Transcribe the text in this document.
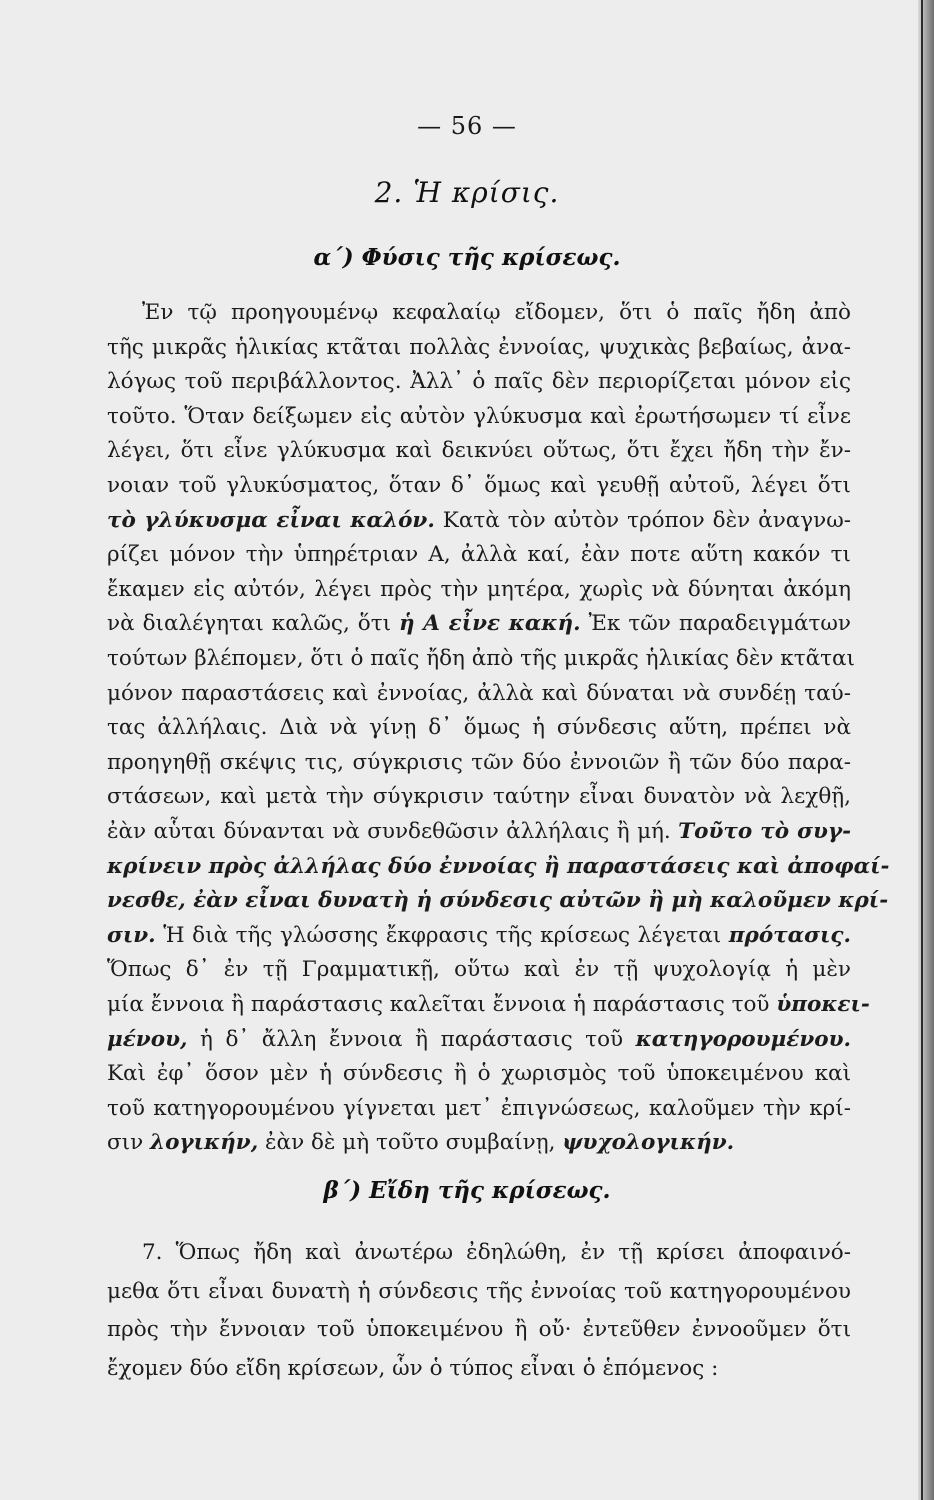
— 56 —
2. Ἡ κρίσις.
α΄) Φύσις τῆς κρίσεως.
Ἐν τῷ προηγουμένῳ κεφαλαίῳ εἴδομεν, ὅτι ὁ παῖς ἤδη ἀπὸ
τῆς μικρᾶς ἡλικίας κτᾶται πολλὰς ἐννοίας, ψυχικὰς βεβαίως, ἀνα-
λόγως τοῦ περιβάλλοντος. Ἀλλ᾿ ὁ παῖς δὲν περιορίζεται μόνον εἰς
τοῦτο. Ὅταν δείξωμεν εἰς αὐτὸν γλύκυσμα καὶ ἐρωτήσωμεν τί εἶνε
λέγει, ὅτι εἶνε γλύκυσμα καὶ δεικνύει οὕτως, ὅτι ἔχει ἤδη τὴν ἔν-
νοιαν τοῦ γλυκύσματος, ὅταν δ᾿ ὅμως καὶ γευθῇ αὐτοῦ, λέγει ὅτι
τὸ γλύκυσμα εἶναι καλόν. Κατὰ τὸν αὐτὸν τρόπον δὲν ἀναγνω-
ρίζει μόνον τὴν ὑπηρέτριαν Α, ἀλλὰ καί, ἐὰν ποτε αὕτη κακόν τι
ἔκαμεν εἰς αὐτόν, λέγει πρὸς τὴν μητέρα, χωρὶς νὰ δύνηται ἀκόμη
νὰ διαλέγηται καλῶς, ὅτι ἡ Α εἶνε κακή. Ἐκ τῶν παραδειγμάτων
τούτων βλέπομεν, ὅτι ὁ παῖς ἤδη ἀπὸ τῆς μικρᾶς ἡλικίας δὲν κτᾶται
μόνον παραστάσεις καὶ ἐννοίας, ἀλλὰ καὶ δύναται νὰ συνδέῃ ταύ-
τας ἀλλήλαις. Διὰ νὰ γίνῃ δ᾿ ὅμως ἡ σύνδεσις αὕτη, πρέπει νὰ
προηγηθῇ σκέψις τις, σύγκρισις τῶν δύο ἐννοιῶν ἢ τῶν δύο παρα-
στάσεων, καὶ μετὰ τὴν σύγκρισιν ταύτην εἶναι δυνατὸν νὰ λεχθῇ,
ἐὰν αὗται δύνανται νὰ συνδεθῶσιν ἀλλήλαις ἢ μή. Τοῦτο τὸ συγ-
κρίνειν πρὸς ἀλλήλας δύο ἐννοίας ἢ παραστάσεις καὶ ἀποφαί-
νεσθε, ἐὰν εἶναι δυνατὴ ἡ σύνδεσις αὐτῶν ἢ μὴ καλοῦμεν κρί-
σιν. Ἡ διὰ τῆς γλώσσης ἔκφρασις τῆς κρίσεως λέγεται πρότασις.
Ὅπως δ᾿ ἐν τῇ Γραμματικῇ, οὕτω καὶ ἐν τῇ ψυχολογίᾳ ἡ μὲν
μία ἔννοια ἢ παράστασις καλεῖται ἔννοια ἡ παράστασις τοῦ ὑποκει-
μένου, ἡ δ᾿ ἄλλη ἔννοια ἢ παράστασις τοῦ κατηγορουμένου.
Καὶ ἐφ᾿ ὅσον μὲν ἡ σύνδεσις ἢ ὁ χωρισμὸς τοῦ ὑποκειμένου καὶ
τοῦ κατηγορουμένου γίγνεται μετ᾿ ἐπιγνώσεως, καλοῦμεν τὴν κρί-
σιν λογικήν, ἐὰν δὲ μὴ τοῦτο συμβαίνῃ, ψυχολογικήν.
β΄) Εἴδη τῆς κρίσεως.
7. Ὅπως ἤδη καὶ ἀνωτέρω ἐδηλώθη, ἐν τῇ κρίσει ἀποφαινό-
μεθα ὅτι εἶναι δυνατὴ ἡ σύνδεσις τῆς ἐννοίας τοῦ κατηγορουμένου
πρὸς τὴν ἔννοιαν τοῦ ὑποκειμένου ἢ οὔ· ἐντεῦθεν ἐννοοῦμεν ὅτι
ἔχομεν δύο εἴδη κρίσεων, ὧν ὁ τύπος εἶναι ὁ ἑπόμενος :
